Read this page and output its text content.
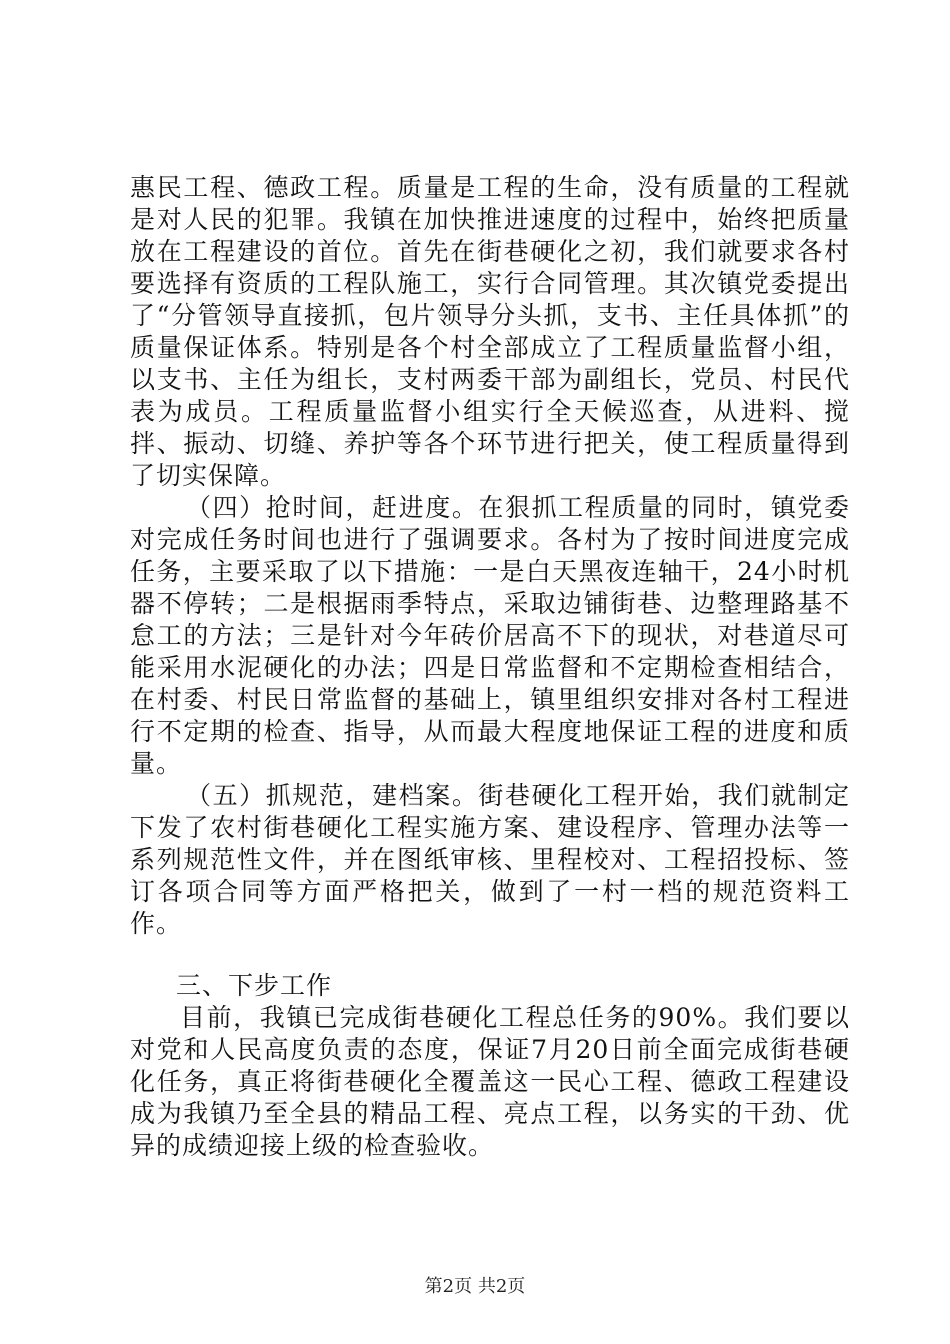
惠民工程、德政工程。质量是工程的生命，没有质量的工程就是对人民的犯罪。我镇在加快推进速度的过程中，始终把质量放在工程建设的首位。首先在街巷硬化之初，我们就要求各村要选择有资质的工程队施工，实行合同管理。其次镇党委提出了“分管领导直接抓，包片领导分头抓，支书、主任具体抓”的质量保证体系。特别是各个村全部成立了工程质量监督小组，以支书、主任为组长，支村两委干部为副组长，党员、村民代表为成员。工程质量监督小组实行全天候巡查，从进料、搅拌、振动、切缝、养护等各个环节进行把关，使工程质量得到了切实保障。

（四）抢时间，赶进度。在狠抓工程质量的同时，镇党委对完成任务时间也进行了强调要求。各村为了按时间进度完成任务，主要采取了以下措施：一是白天黑夜连轴干，24小时机器不停转；二是根据雨季特点，采取边铺街巷、边整理路基不怠工的方法；三是针对今年砖价居高不下的现状，对巷道尽可能采用水泥硬化的办法；四是日常监督和不定期检查相结合，在村委、村民日常监督的基础上，镇里组织安排对各村工程进行不定期的检查、指导，从而最大程度地保证工程的进度和质量。

（五）抓规范，建档案。街巷硬化工程开始，我们就制定下发了农村街巷硬化工程实施方案、建设程序、管理办法等一系列规范性文件，并在图纸审核、里程校对、工程招投标、签订各项合同等方面严格把关，做到了一村一档的规范资料工作。

三、下步工作

目前，我镇已完成街巷硬化工程总任务的90%。我们要以对党和人民高度负责的态度，保证7月20日前全面完成街巷硬化任务，真正将街巷硬化全覆盖这一民心工程、德政工程建设成为我镇乃至全县的精品工程、亮点工程，以务实的干劲、优异的成绩迎接上级的检查验收。

第2页 共2页
